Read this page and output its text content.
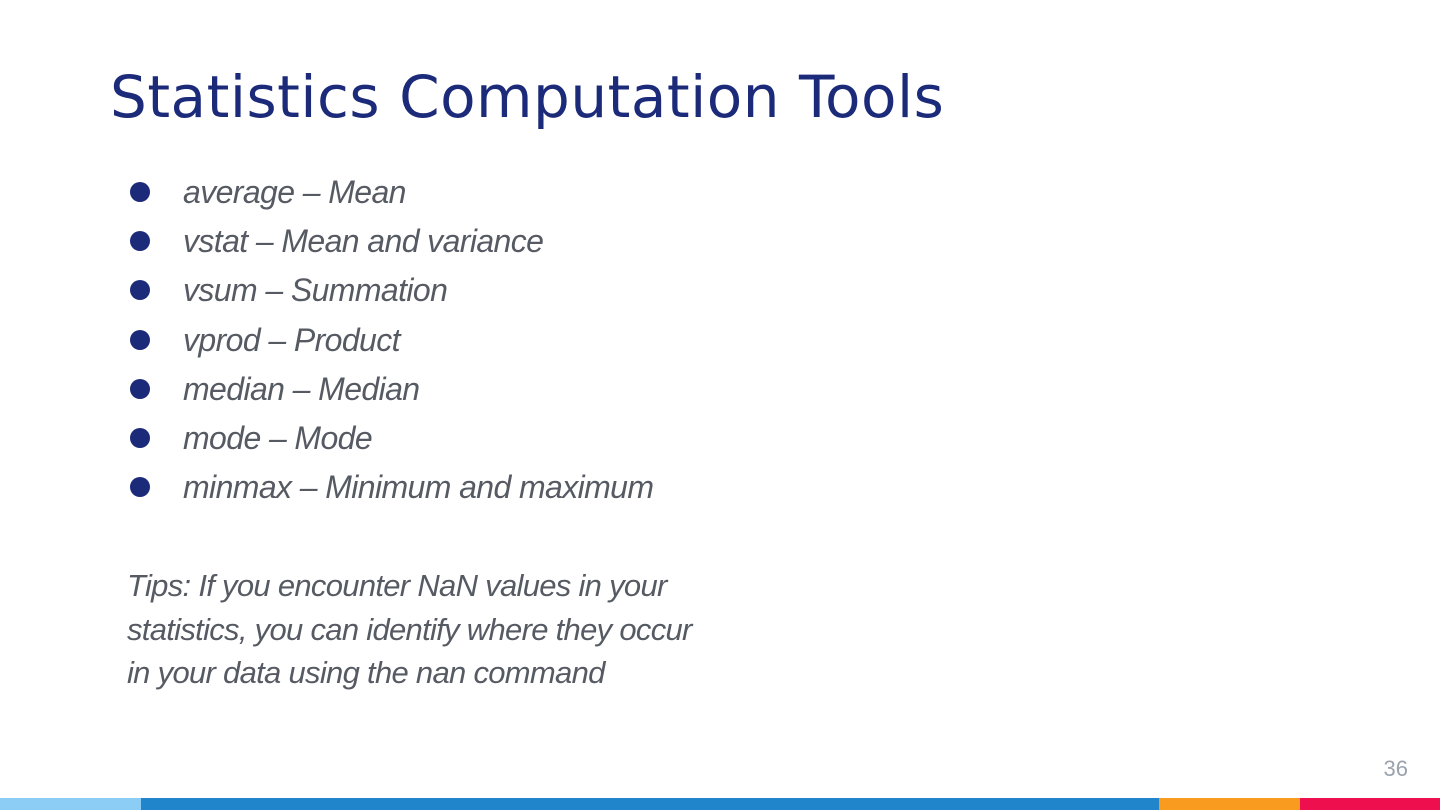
Statistics Computation Tools
average – Mean
vstat – Mean and variance
vsum – Summation
vprod – Product
median – Median
mode – Mode
minmax – Minimum and maximum

Tips: If you encounter NaN values in your statistics, you can identify where they occur in your data using the nan command

36
